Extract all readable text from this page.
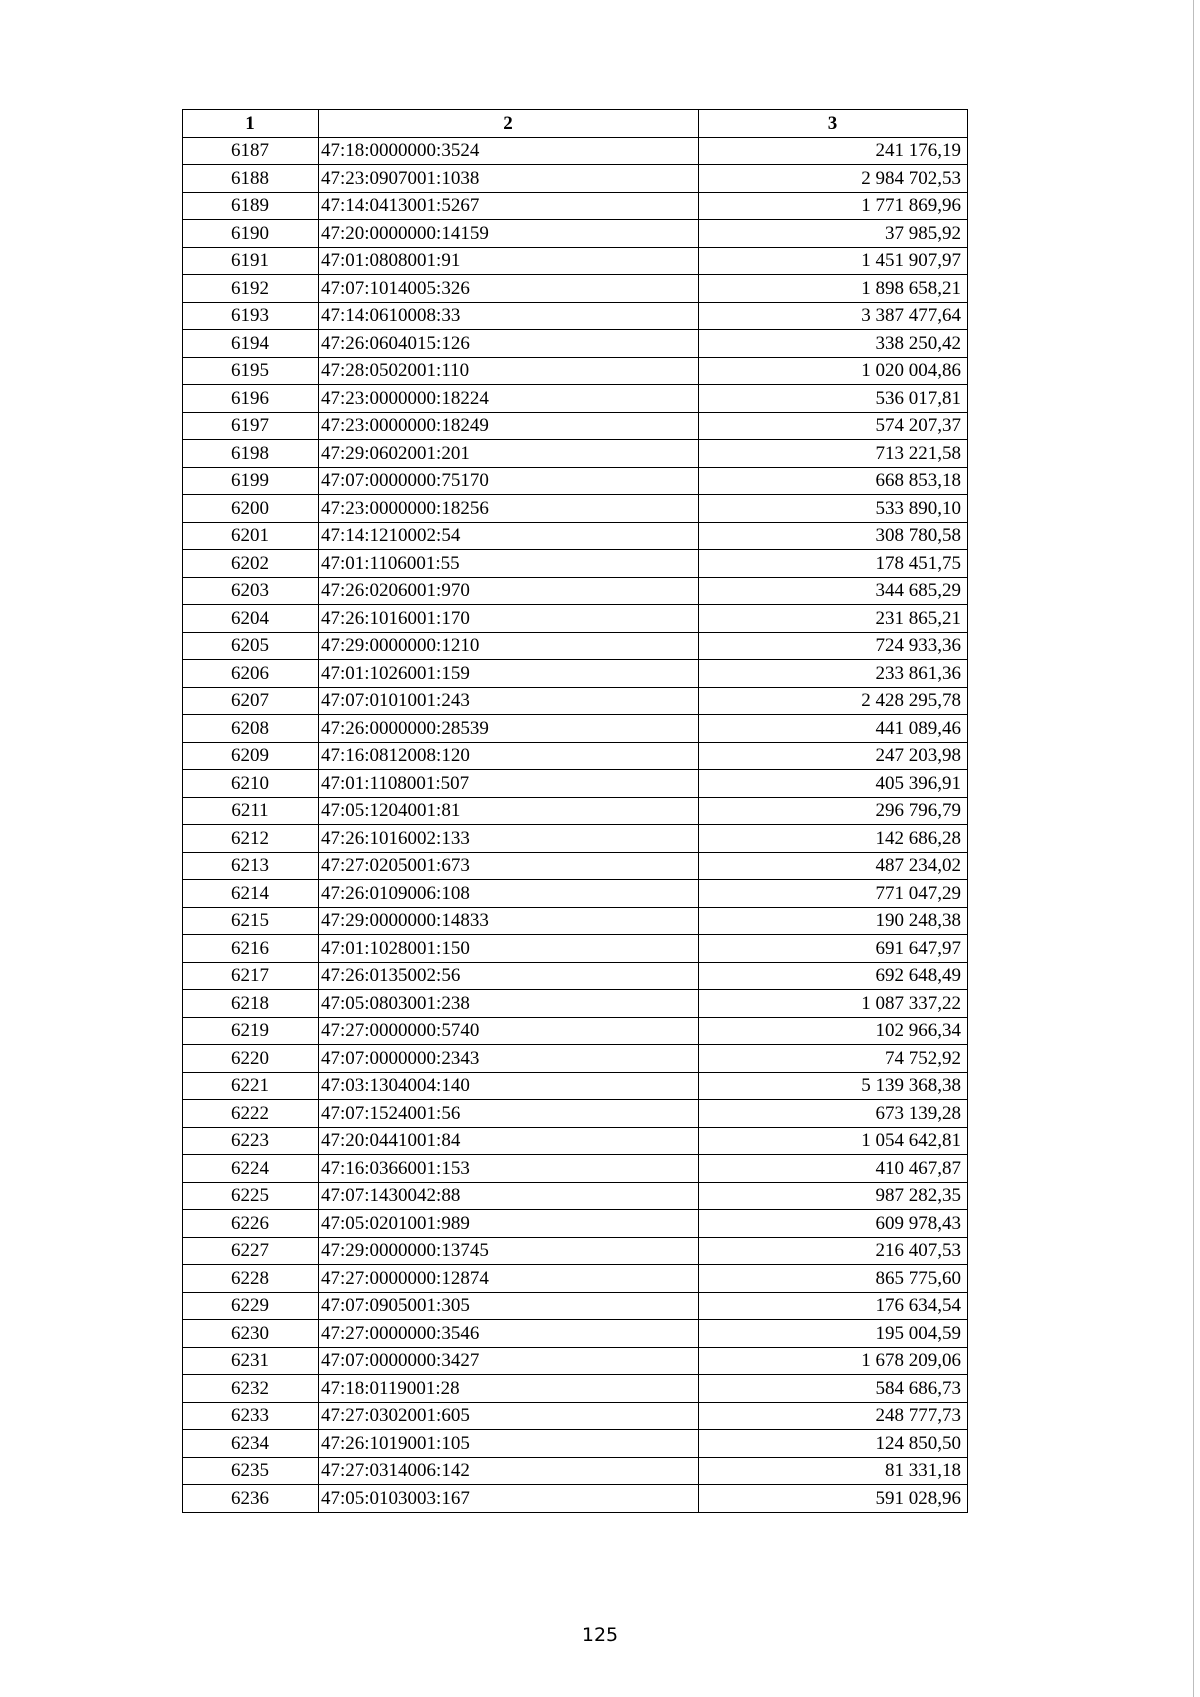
1	2	3
6187	47:18:0000000:3524	241 176,19
6188	47:23:0907001:1038	2 984 702,53
6189	47:14:0413001:5267	1 771 869,96
6190	47:20:0000000:14159	37 985,92
6191	47:01:0808001:91	1 451 907,97
6192	47:07:1014005:326	1 898 658,21
6193	47:14:0610008:33	3 387 477,64
6194	47:26:0604015:126	338 250,42
6195	47:28:0502001:110	1 020 004,86
6196	47:23:0000000:18224	536 017,81
6197	47:23:0000000:18249	574 207,37
6198	47:29:0602001:201	713 221,58
6199	47:07:0000000:75170	668 853,18
6200	47:23:0000000:18256	533 890,10
6201	47:14:1210002:54	308 780,58
6202	47:01:1106001:55	178 451,75
6203	47:26:0206001:970	344 685,29
6204	47:26:1016001:170	231 865,21
6205	47:29:0000000:1210	724 933,36
6206	47:01:1026001:159	233 861,36
6207	47:07:0101001:243	2 428 295,78
6208	47:26:0000000:28539	441 089,46
6209	47:16:0812008:120	247 203,98
6210	47:01:1108001:507	405 396,91
6211	47:05:1204001:81	296 796,79
6212	47:26:1016002:133	142 686,28
6213	47:27:0205001:673	487 234,02
6214	47:26:0109006:108	771 047,29
6215	47:29:0000000:14833	190 248,38
6216	47:01:1028001:150	691 647,97
6217	47:26:0135002:56	692 648,49
6218	47:05:0803001:238	1 087 337,22
6219	47:27:0000000:5740	102 966,34
6220	47:07:0000000:2343	74 752,92
6221	47:03:1304004:140	5 139 368,38
6222	47:07:1524001:56	673 139,28
6223	47:20:0441001:84	1 054 642,81
6224	47:16:0366001:153	410 467,87
6225	47:07:1430042:88	987 282,35
6226	47:05:0201001:989	609 978,43
6227	47:29:0000000:13745	216 407,53
6228	47:27:0000000:12874	865 775,60
6229	47:07:0905001:305	176 634,54
6230	47:27:0000000:3546	195 004,59
6231	47:07:0000000:3427	1 678 209,06
6232	47:18:0119001:28	584 686,73
6233	47:27:0302001:605	248 777,73
6234	47:26:1019001:105	124 850,50
6235	47:27:0314006:142	81 331,18
6236	47:05:0103003:167	591 028,96
125
